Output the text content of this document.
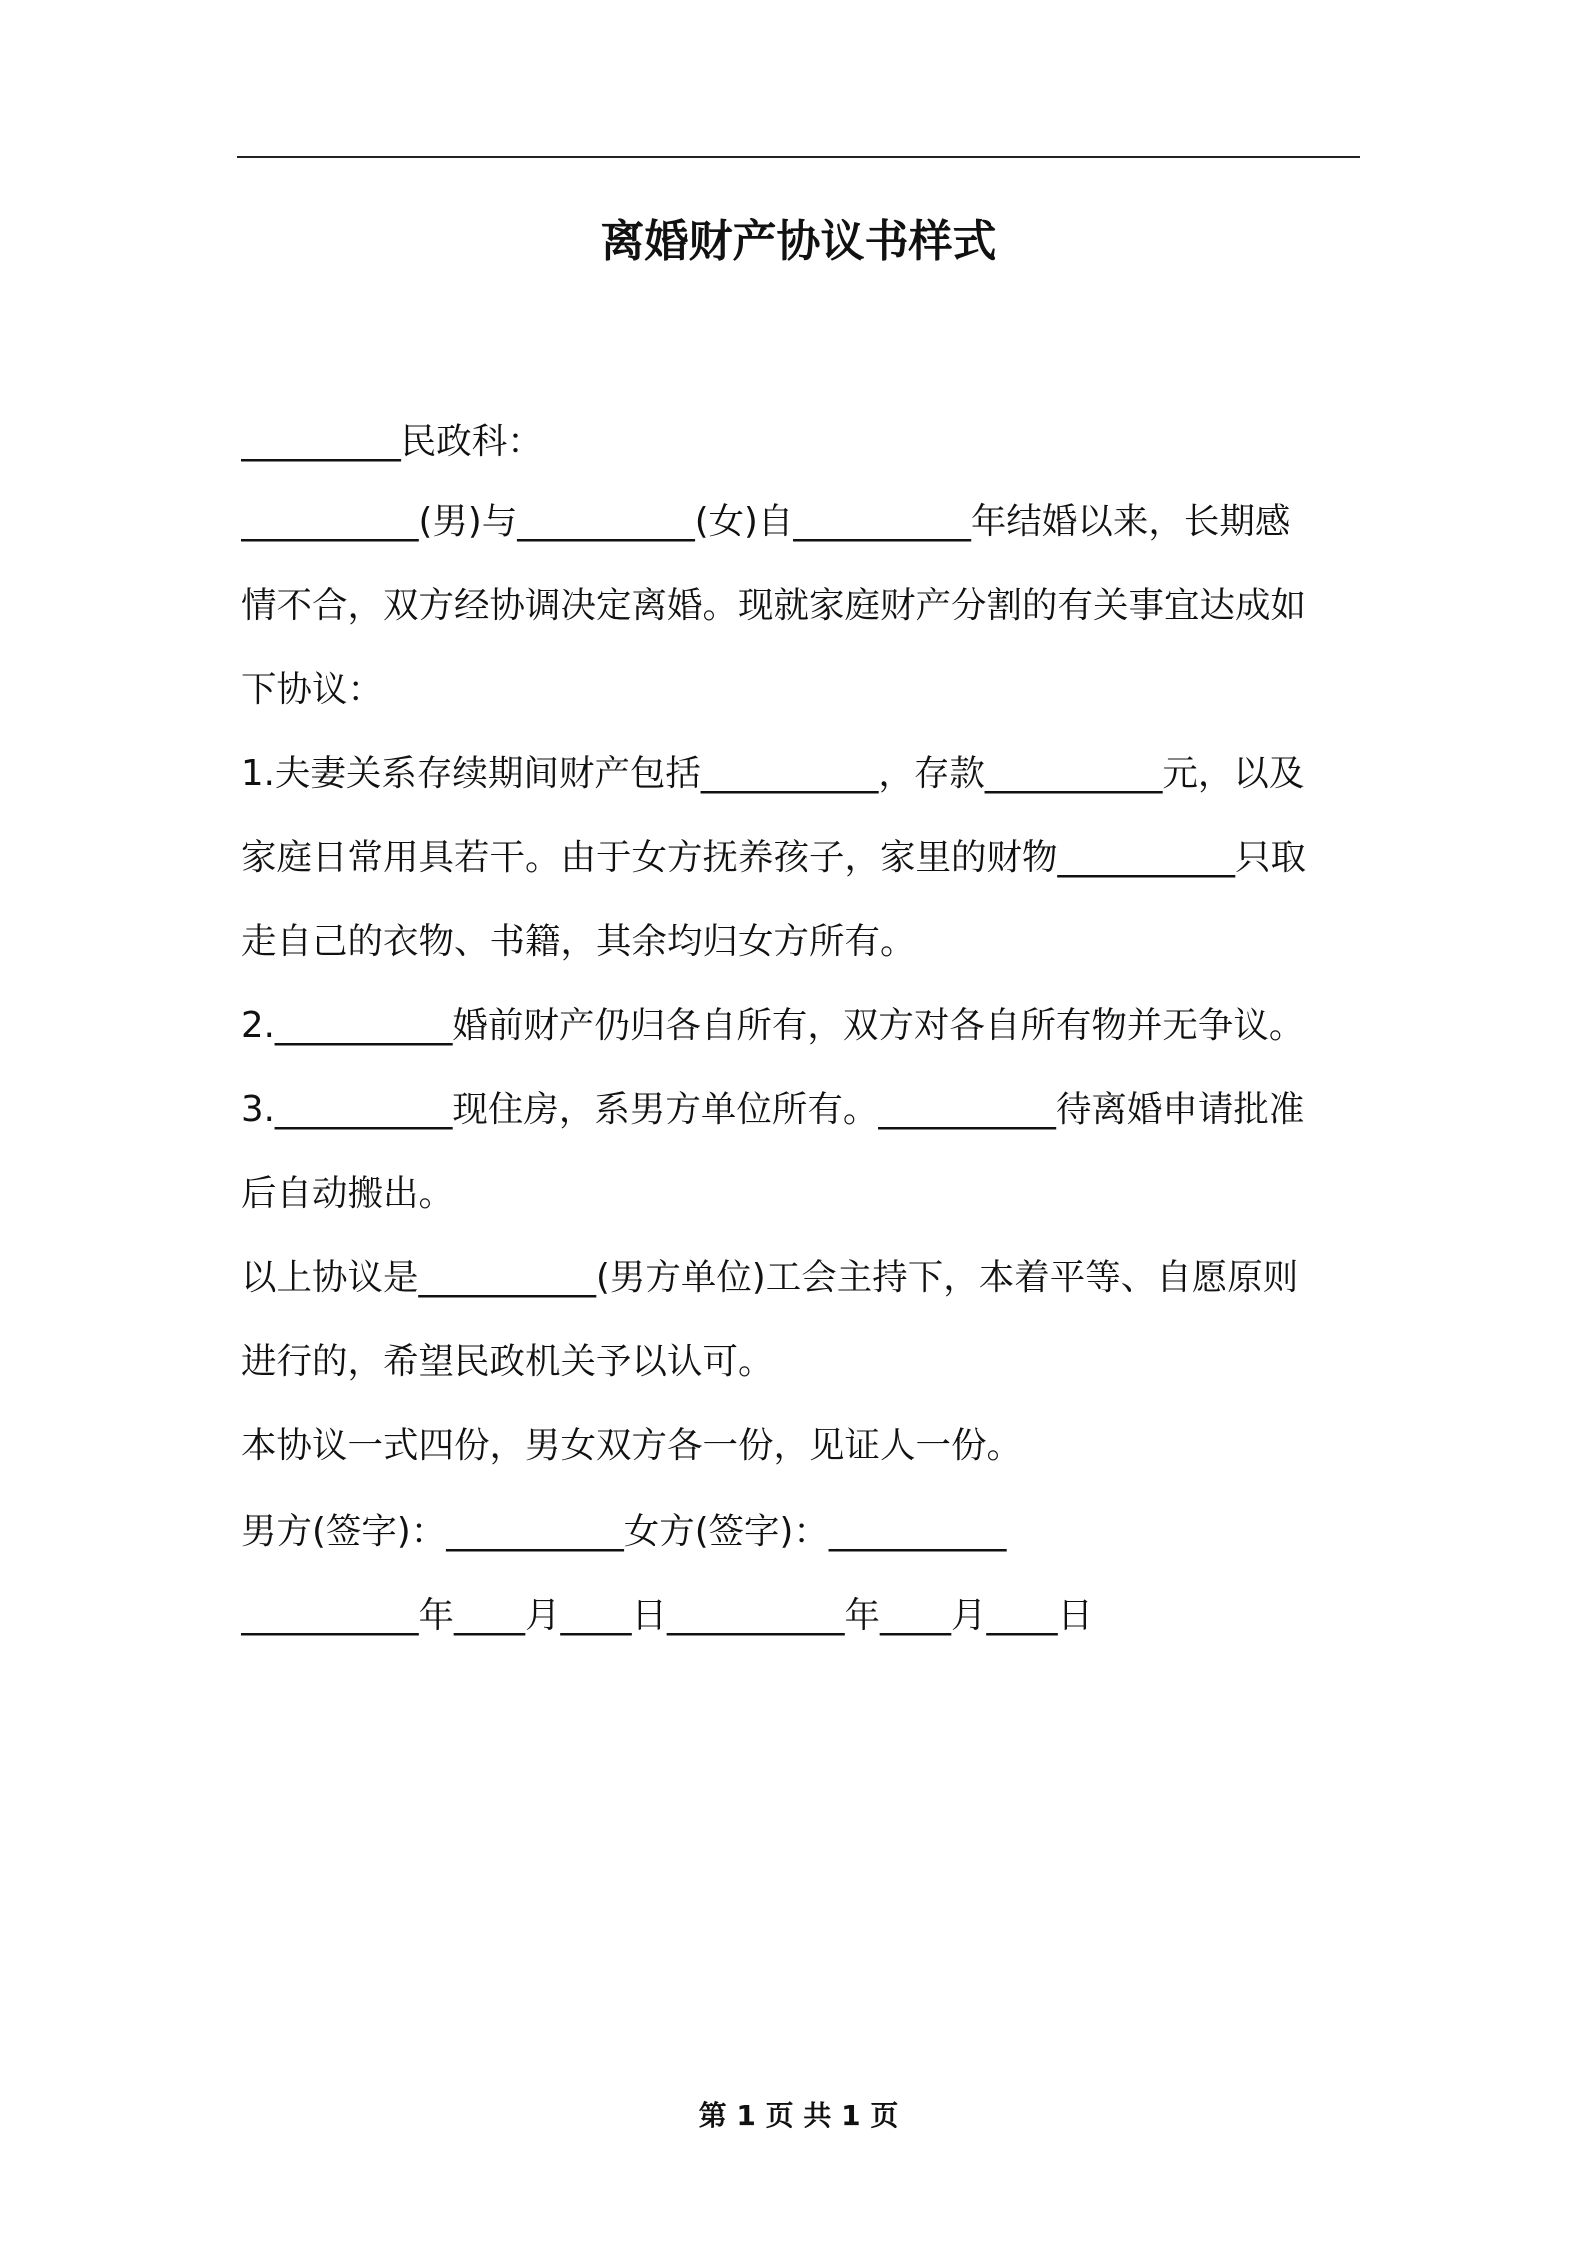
离婚财产协议书样式
_________民政科：
__________(男)与__________(女)自__________年结婚以来，长期感
情不合，双方经协调决定离婚。现就家庭财产分割的有关事宜达成如
下协议：
1.夫妻关系存续期间财产包括__________，存款__________元，以及
家庭日常用具若干。由于女方抚养孩子，家里的财物__________只取
走自己的衣物、书籍，其余均归女方所有。
2.__________婚前财产仍归各自所有，双方对各自所有物并无争议。
3.__________现住房，系男方单位所有。__________待离婚申请批准
后自动搬出。
以上协议是__________(男方单位)工会主持下，本着平等、自愿原则
进行的，希望民政机关予以认可。
本协议一式四份，男女双方各一份，见证人一份。
男方(签字)：__________女方(签字)：__________
__________年____月____日__________年____月____日
第 1 页 共 1 页
